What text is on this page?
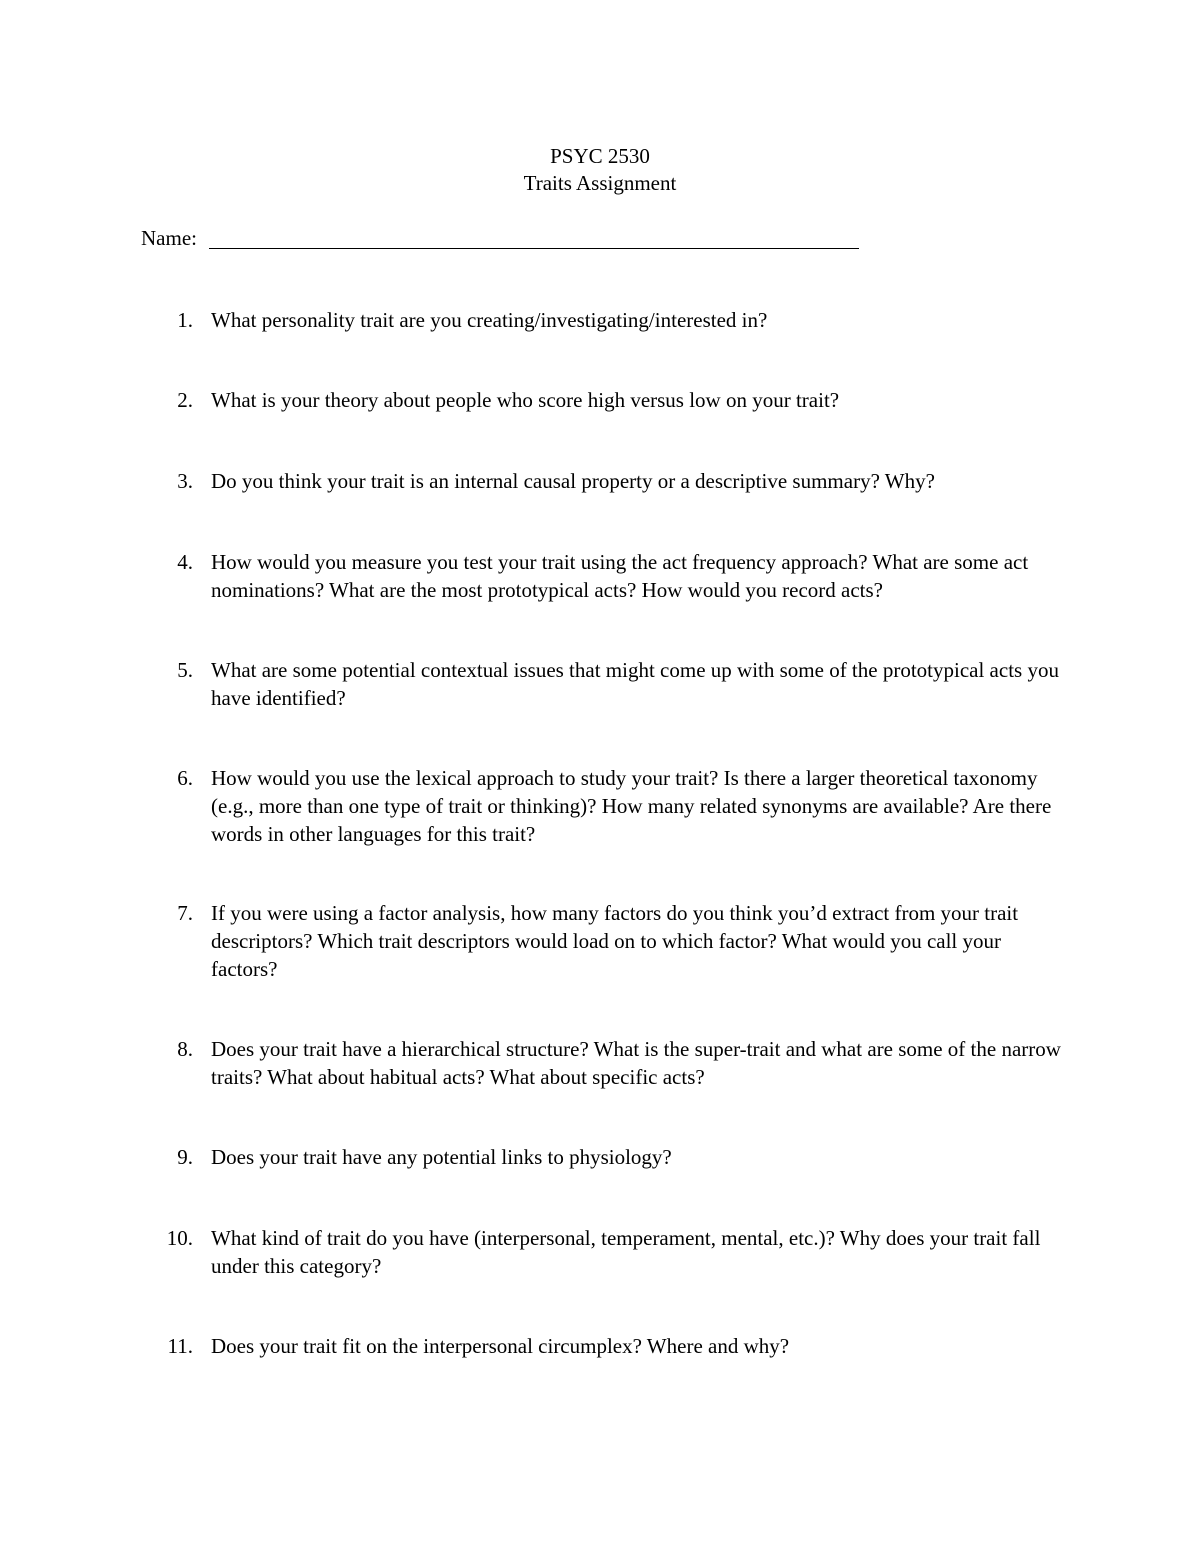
PSYC 2530
Traits Assignment
Name:
1. What personality trait are you creating/investigating/interested in?
2. What is your theory about people who score high versus low on your trait?
3. Do you think your trait is an internal causal property or a descriptive summary? Why?
4. How would you measure you test your trait using the act frequency approach? What are some act nominations? What are the most prototypical acts? How would you record acts?
5. What are some potential contextual issues that might come up with some of the prototypical acts you have identified?
6. How would you use the lexical approach to study your trait? Is there a larger theoretical taxonomy (e.g., more than one type of trait or thinking)? How many related synonyms are available? Are there words in other languages for this trait?
7. If you were using a factor analysis, how many factors do you think you’d extract from your trait descriptors? Which trait descriptors would load on to which factor? What would you call your factors?
8. Does your trait have a hierarchical structure? What is the super-trait and what are some of the narrow traits? What about habitual acts? What about specific acts?
9. Does your trait have any potential links to physiology?
10. What kind of trait do you have (interpersonal, temperament, mental, etc.)? Why does your trait fall under this category?
11. Does your trait fit on the interpersonal circumplex? Where and why?
